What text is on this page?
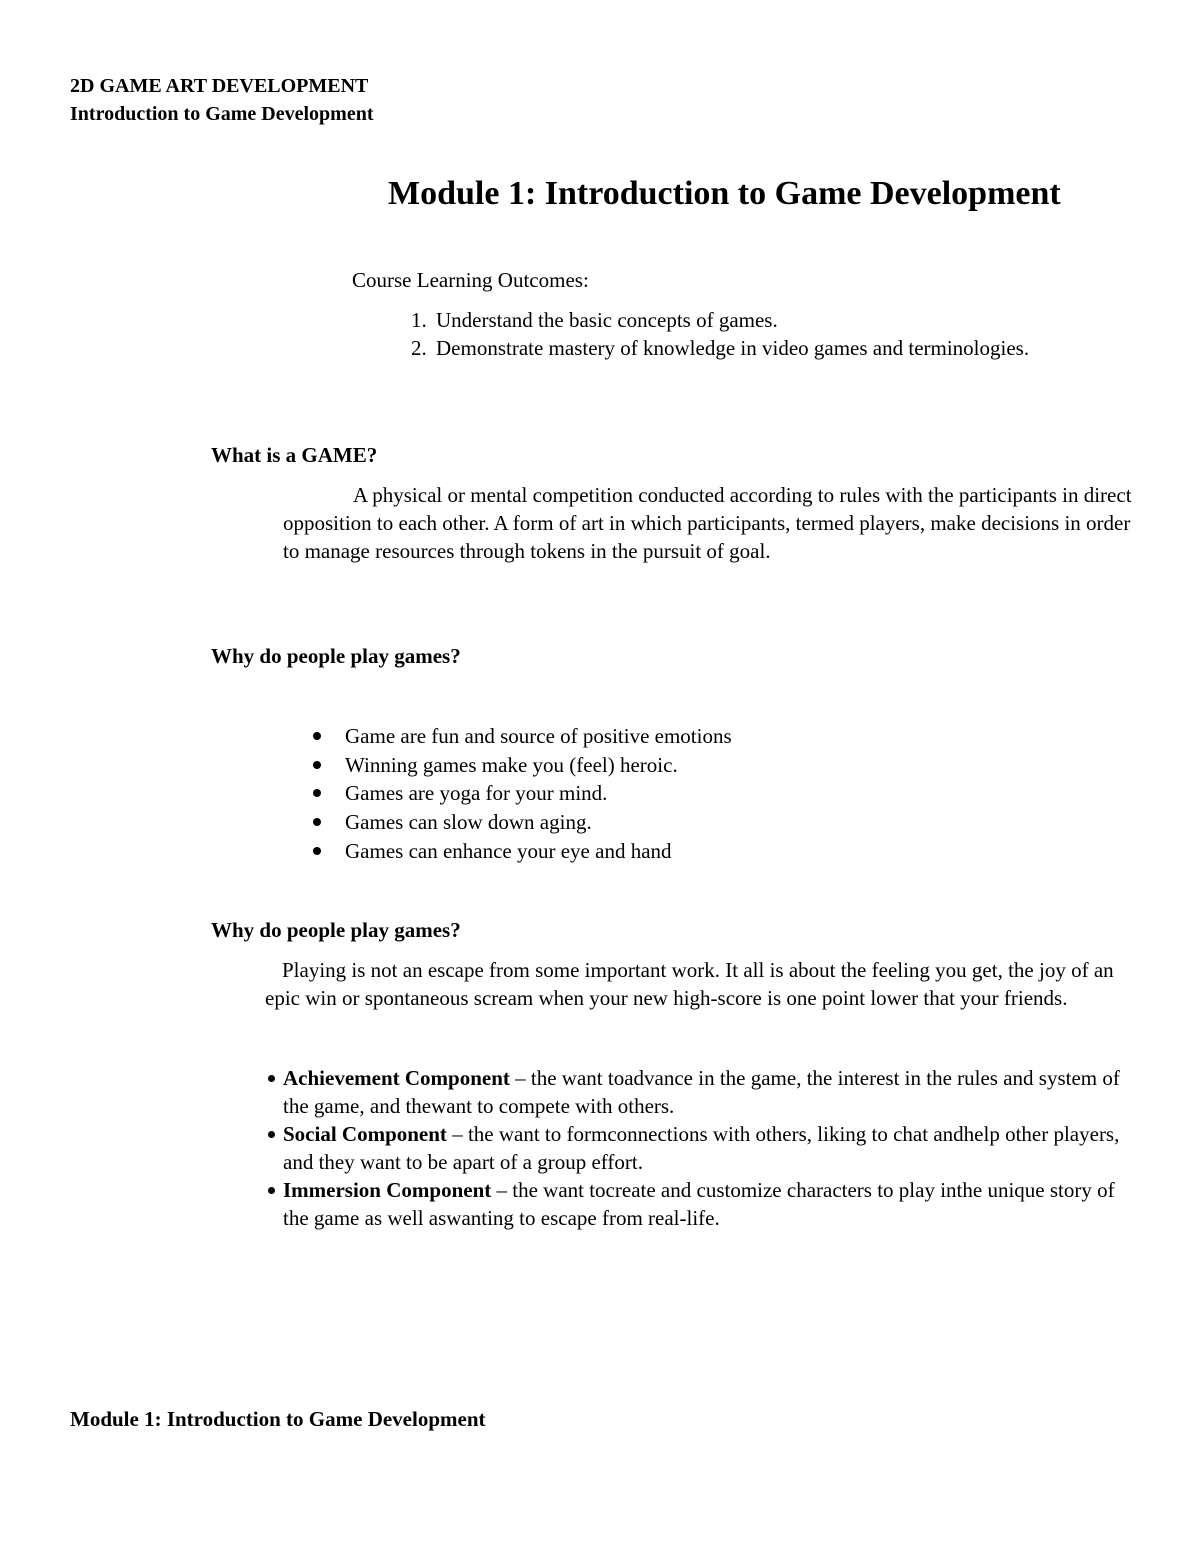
2D GAME ART DEVELOPMENT
Introduction to Game Development
Module 1: Introduction to Game Development
Course Learning Outcomes:
1. Understand the basic concepts of games.
2. Demonstrate mastery of knowledge in video games and terminologies.
What is a GAME?
A physical or mental competition conducted according to rules with the participants in direct opposition to each other. A form of art in which participants, termed players, make decisions in order to manage resources through tokens in the pursuit of goal.
Why do people play games?
Game are fun and source of positive emotions
Winning games make you (feel) heroic.
Games are yoga for your mind.
Games can slow down aging.
Games can enhance your eye and hand
Why do people play games?
Playing is not an escape from some important work. It all is about the feeling you get, the joy of an epic win or spontaneous scream when your new high-score is one point lower that your friends.
Achievement Component – the want toadvance in the game, the interest in the rules and system of the game, and thewant to compete with others.
Social Component – the want to formconnections with others, liking to chat andhelp other players, and they want to be apart of a group effort.
Immersion Component – the want tocreate and customize characters to play inthe unique story of the game as well aswanting to escape from real-life.
Module 1: Introduction to Game Development
